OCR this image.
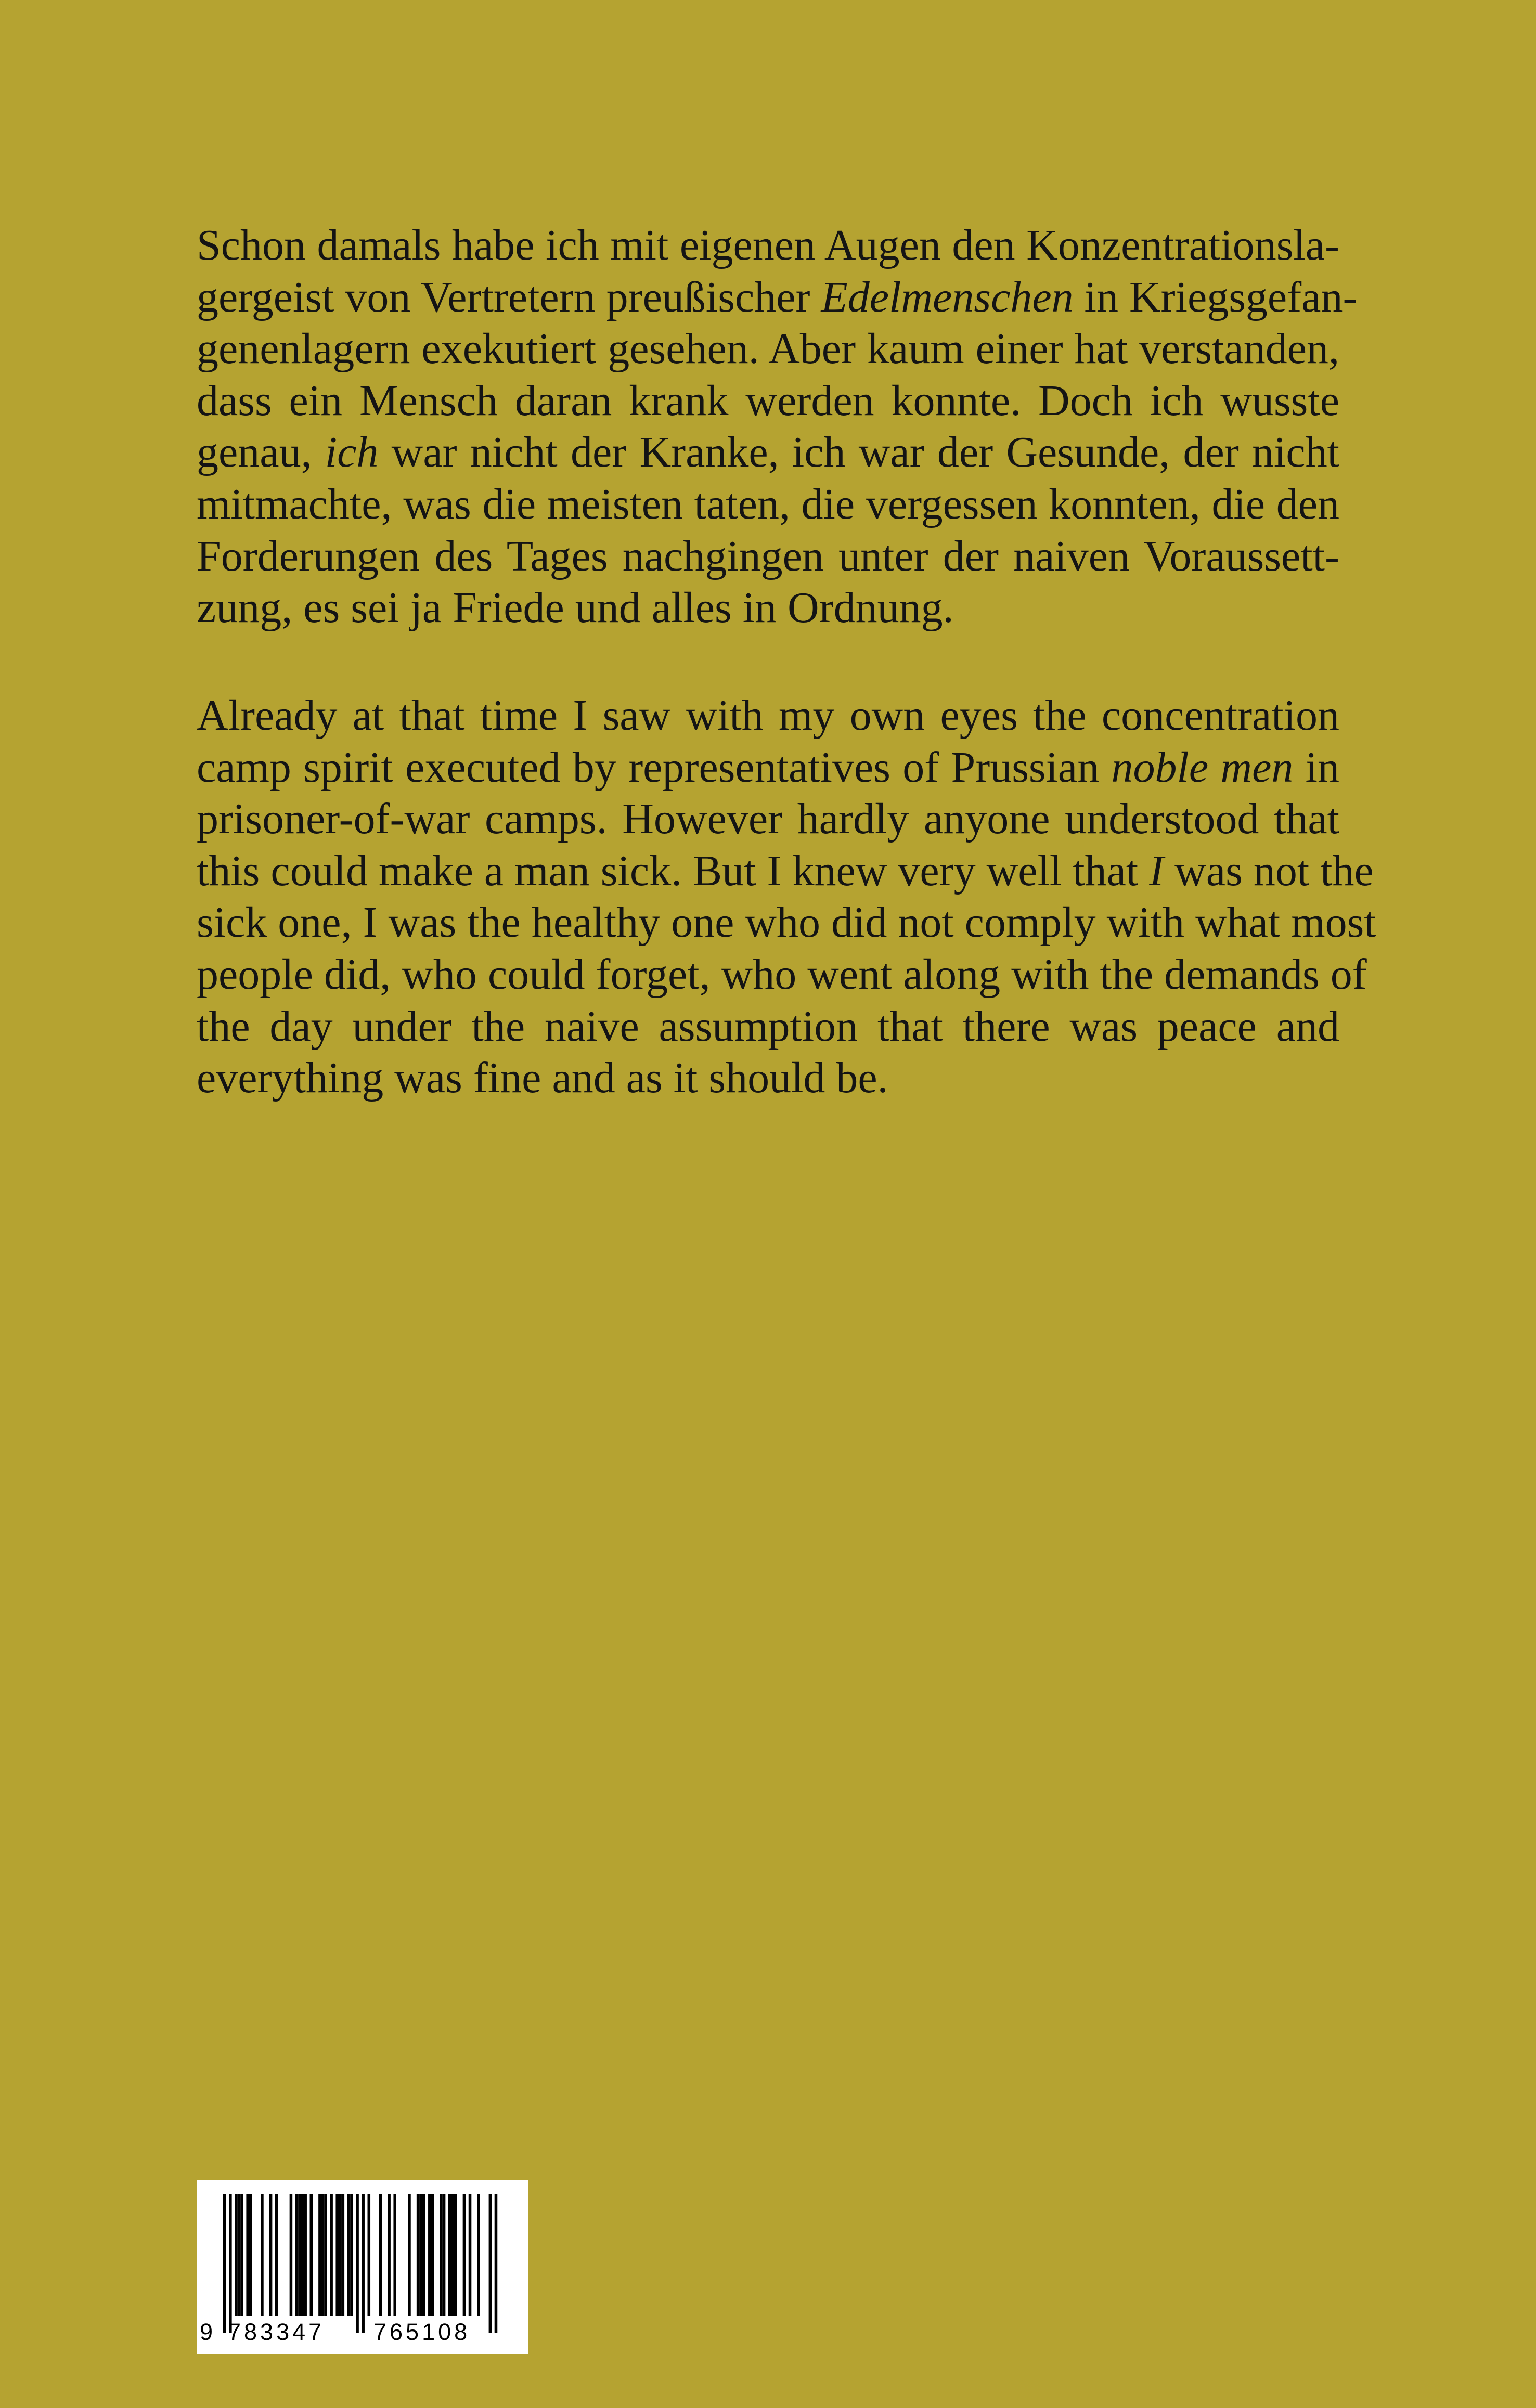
Schon damals habe ich mit eigenen Augen den Konzentrationsla-
gergeist von Vertretern preußischer Edelmenschen in Kriegsgefan-
genenlagern exekutiert gesehen. Aber kaum einer hat verstanden,
dass ein Mensch daran krank werden konnte. Doch ich wusste
genau, ich war nicht der Kranke, ich war der Gesunde, der nicht
mitmachte, was die meisten taten, die vergessen konnten, die den
Forderungen des Tages nachgingen unter der naiven Voraussett-
zung, es sei ja Friede und alles in Ordnung.
Already at that time I saw with my own eyes the concentration
camp spirit executed by representatives of Prussian noble men in
prisoner-of-war camps. However hardly anyone understood that
this could make a man sick. But I knew very well that I was not the
sick one, I was the healthy one who did not comply with what most
people did, who could forget, who went along with the demands of
the day under the naive assumption that there was peace and
everything was fine and as it should be.
9 783347 765108
